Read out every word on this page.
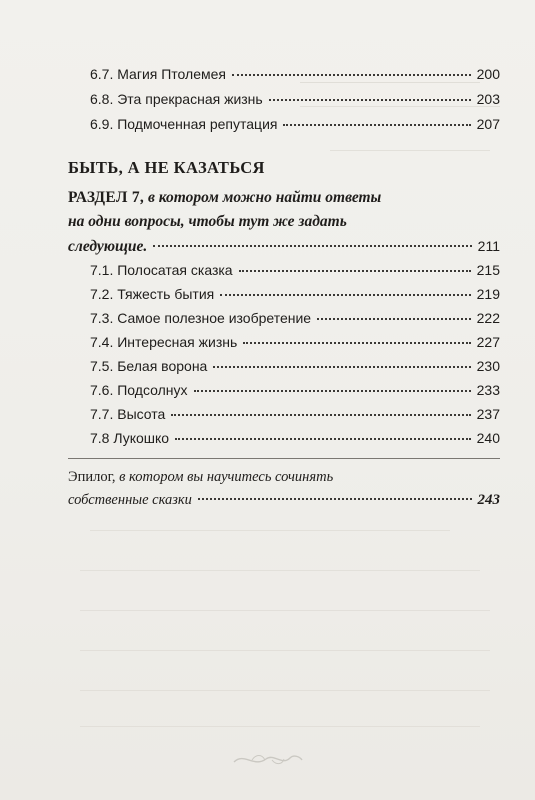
6.7. Магия Птолемея	200
6.8. Эта прекрасная жизнь	203
6.9. Подмоченная репутация	207
БЫТЬ, А НЕ КАЗАТЬСЯ
РАЗДЕЛ 7, в котором можно найти ответы
на одни вопросы, чтобы тут же задать
следующие.	211
7.1. Полосатая сказка	215
7.2. Тяжесть бытия	219
7.3. Самое полезное изобретение	222
7.4. Интересная жизнь	227
7.5. Белая ворона	230
7.6. Подсолнух	233
7.7. Высота	237
7.8 Лукошко	240
Эпилог, в котором вы научитесь сочинять
собственные сказки	243
